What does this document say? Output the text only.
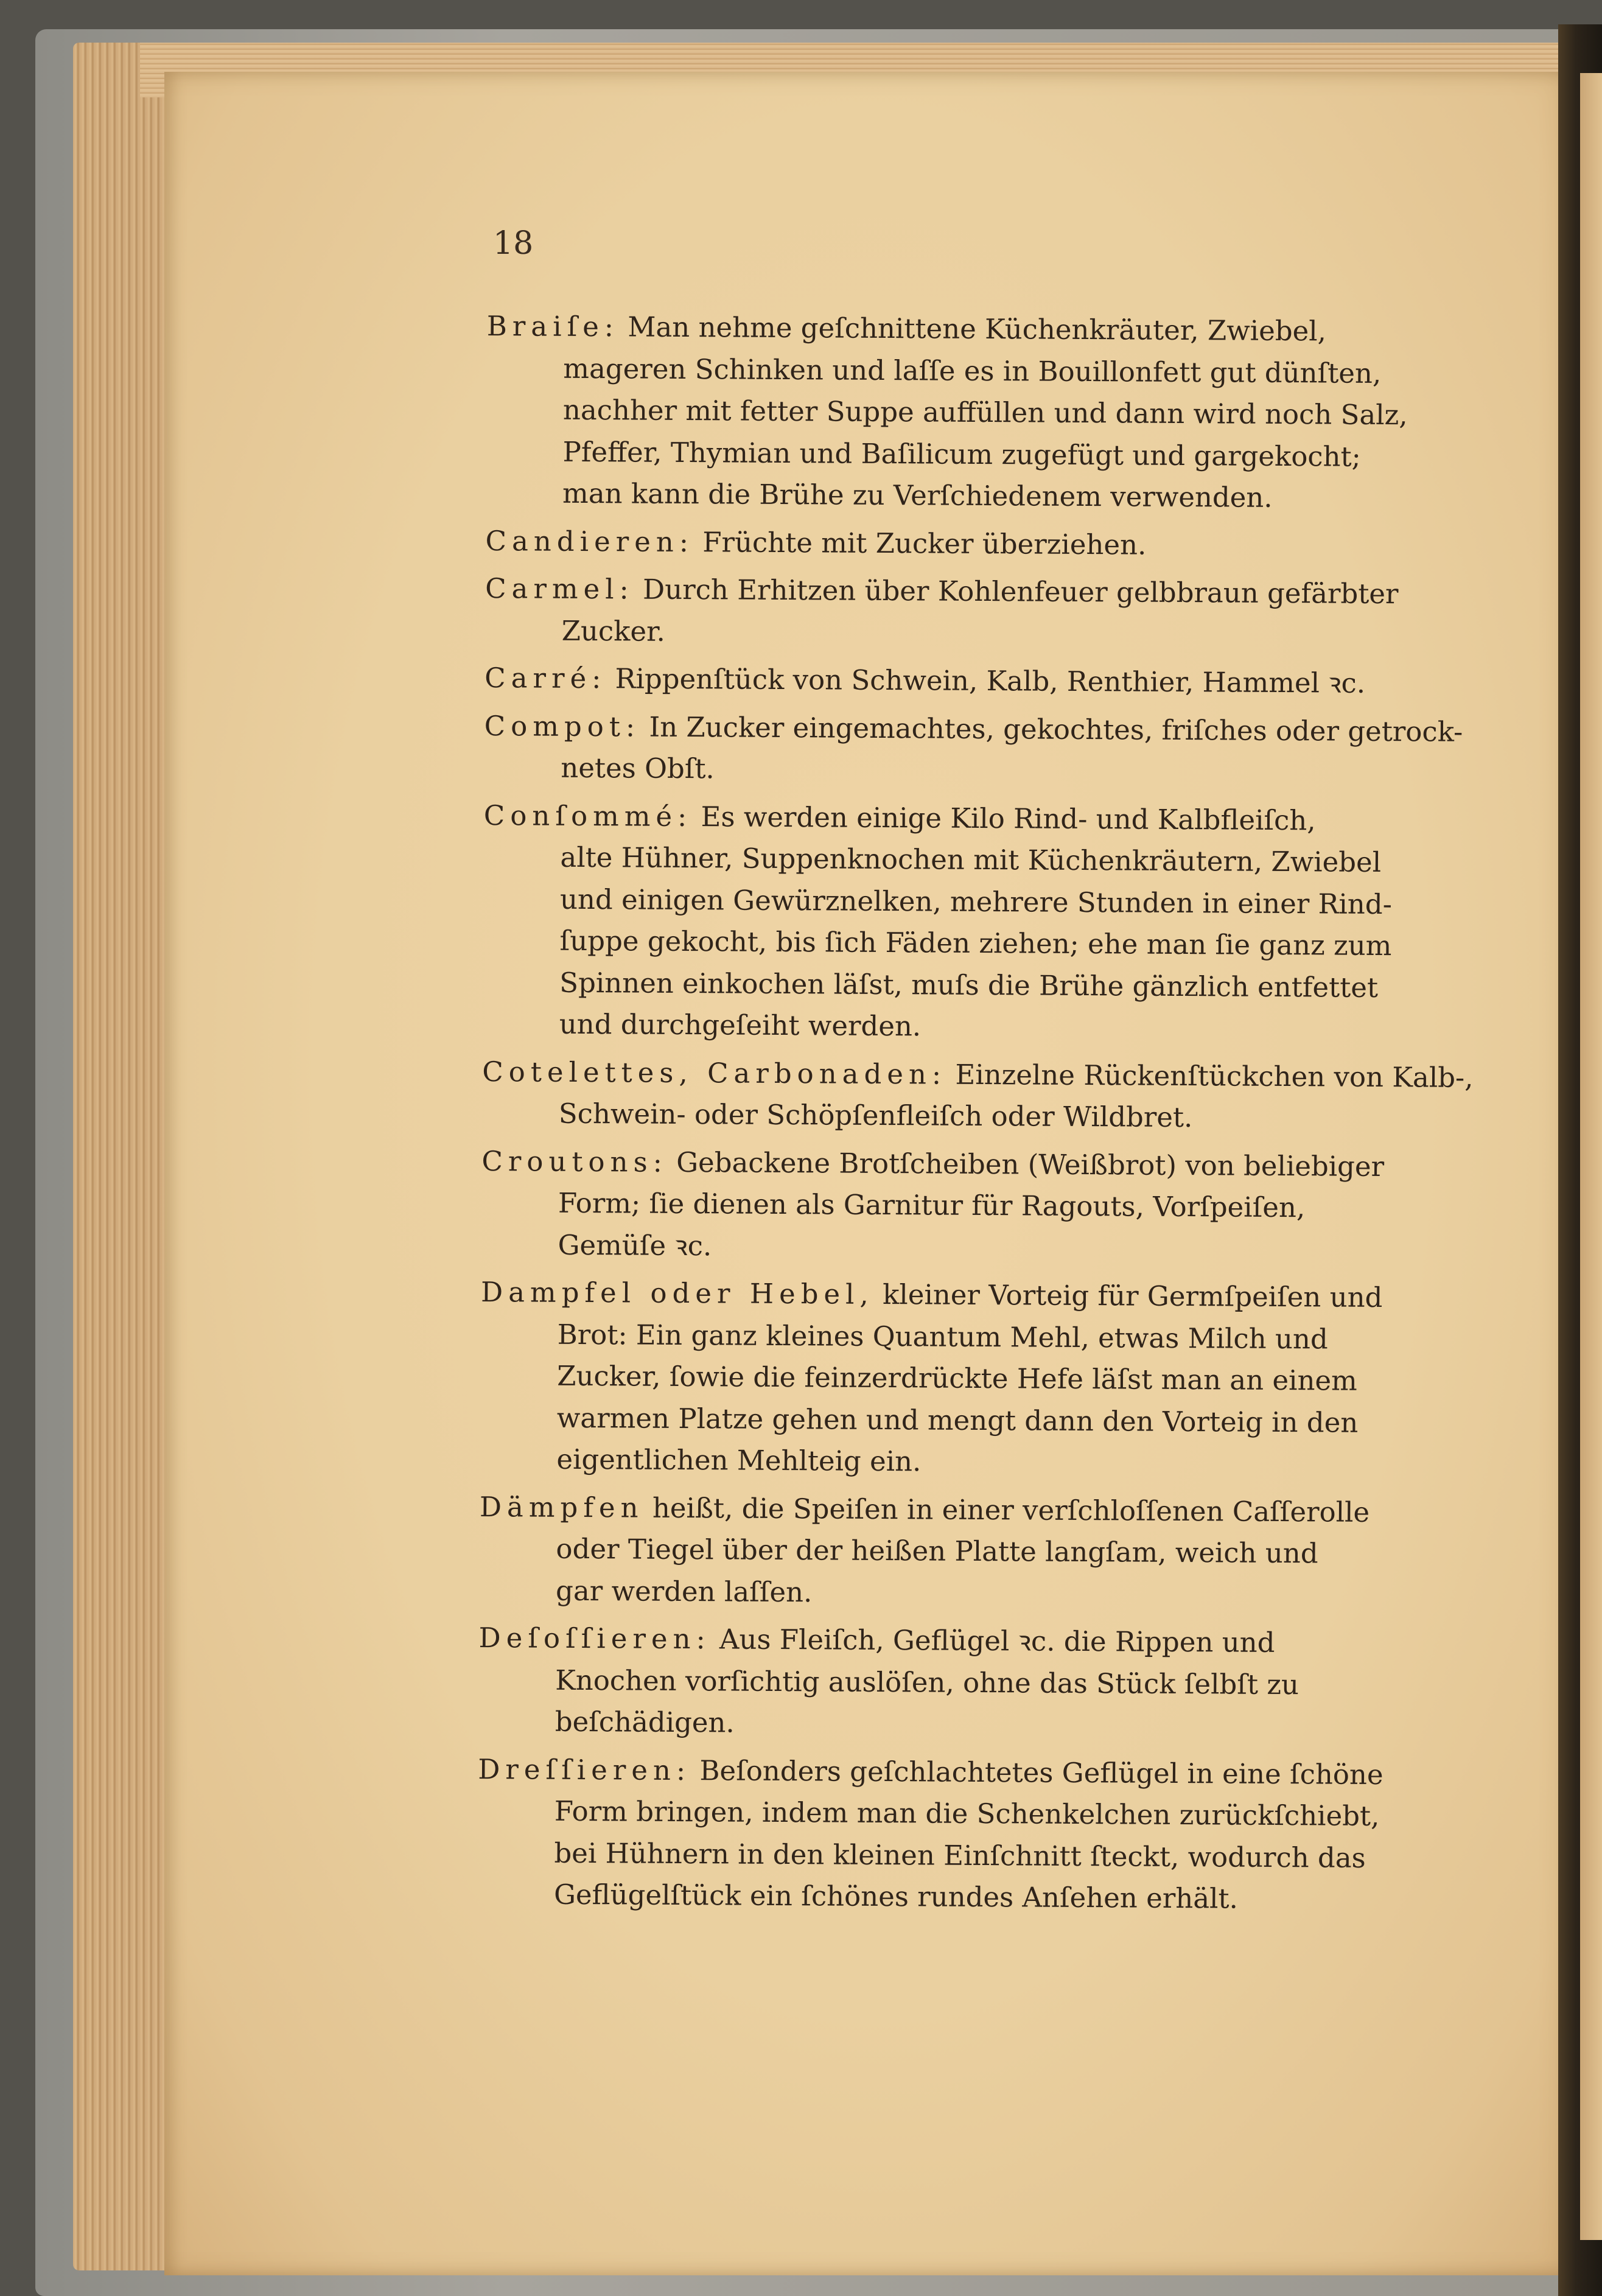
18
Braiſe: Man nehme geſchnittene Küchenkräuter, Zwiebel,
mageren Schinken und laſſe es in Bouillonfett gut dünſten,
nachher mit fetter Suppe auffüllen und dann wird noch Salz,
Pfeffer, Thymian und Baſilicum zugefügt und gargekocht;
man kann die Brühe zu Verſchiedenem verwenden.
Candieren: Früchte mit Zucker überziehen.
Carmel: Durch Erhitzen über Kohlenfeuer gelbbraun gefärbter
Zucker.
Carré: Rippenſtück von Schwein, Kalb, Renthier, Hammel ꝛc.
Compot: In Zucker eingemachtes, gekochtes, friſches oder getrock-
netes Obſt.
Conſommé: Es werden einige Kilo Rind- und Kalbfleiſch,
alte Hühner, Suppenknochen mit Küchenkräutern, Zwiebel
und einigen Gewürznelken, mehrere Stunden in einer Rind-
ſuppe gekocht, bis ſich Fäden ziehen; ehe man ſie ganz zum
Spinnen einkochen läſst, muſs die Brühe gänzlich entfettet
und durchgeſeiht werden.
Cotelettes, Carbonaden: Einzelne Rückenſtückchen von Kalb-,
Schwein- oder Schöpſenfleiſch oder Wildbret.
Croutons: Gebackene Brotſcheiben (Weißbrot) von beliebiger
Form; ſie dienen als Garnitur für Ragouts, Vorſpeiſen,
Gemüſe ꝛc.
Dampfel oder Hebel, kleiner Vorteig für Germſpeiſen und
Brot: Ein ganz kleines Quantum Mehl, etwas Milch und
Zucker, ſowie die feinzerdrückte Hefe läſst man an einem
warmen Platze gehen und mengt dann den Vorteig in den
eigentlichen Mehlteig ein.
Dämpfen heißt, die Speiſen in einer verſchloſſenen Caſſerolle
oder Tiegel über der heißen Platte langſam, weich und
gar werden laſſen.
Deſoſſieren: Aus Fleiſch, Geflügel ꝛc. die Rippen und
Knochen vorſichtig auslöſen, ohne das Stück ſelbſt zu
beſchädigen.
Dreſſieren: Beſonders geſchlachtetes Geflügel in eine ſchöne
Form bringen, indem man die Schenkelchen zurückſchiebt,
bei Hühnern in den kleinen Einſchnitt ſteckt, wodurch das
Geflügelſtück ein ſchönes rundes Anſehen erhält.
